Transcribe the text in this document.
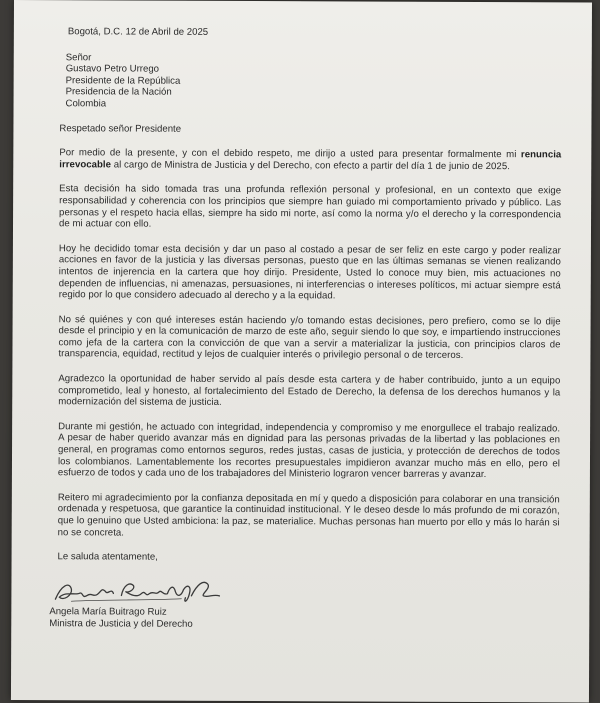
Bogotá, D.C. 12 de Abril de 2025
Señor
Gustavo Petro Urrego
Presidente de la República
Presidencia de la Nación
Colombia
Respetado señor Presidente

Por medio de la presente, y con el debido respeto, me dirijo a usted para presentar formalmente mi renuncia irrevocable al cargo de Ministra de Justicia y del Derecho, con efecto a partir del día 1 de junio de 2025.

Esta decisión ha sido tomada tras una profunda reflexión personal y profesional, en un contexto que exige responsabilidad y coherencia con los principios que siempre han guiado mi comportamiento privado y público. Las personas y el respeto hacia ellas, siempre ha sido mi norte, así como la norma y/o el derecho y la correspondencia de mi actuar con ello.

Hoy he decidido tomar esta decisión y dar un paso al costado a pesar de ser feliz en este cargo y poder realizar acciones en favor de la justicia y las diversas personas, puesto que en las últimas semanas se vienen realizando intentos de injerencia en la cartera que hoy dirijo. Presidente, Usted lo conoce muy bien, mis actuaciones no dependen de influencias, ni amenazas, persuasiones, ni interferencias o intereses políticos, mi actuar siempre está regido por lo que considero adecuado al derecho y a la equidad.

No sé quiénes y con qué intereses están haciendo y/o tomando estas decisiones, pero prefiero, como se lo dije desde el principio y en la comunicación de marzo de este año, seguir siendo lo que soy, e impartiendo instrucciones como jefa de la cartera con la convicción de que van a servir a materializar la justicia, con principios claros de transparencia, equidad, rectitud y lejos de cualquier interés o privilegio personal o de terceros.

Agradezco la oportunidad de haber servido al país desde esta cartera y de haber contribuido, junto a un equipo comprometido, leal y honesto, al fortalecimiento del Estado de Derecho, la defensa de los derechos humanos y la modernización del sistema de justicia.

Durante mi gestión, he actuado con integridad, independencia y compromiso y me enorgullece el trabajo realizado. A pesar de haber querido avanzar más en dignidad para las personas privadas de la libertad y las poblaciones en general, en programas como entornos seguros, redes justas, casas de justicia, y protección de derechos de todos los colombianos. Lamentablemente los recortes presupuestales impidieron avanzar mucho más en ello, pero el esfuerzo de todos y cada uno de los trabajadores del Ministerio lograron vencer barreras y avanzar.

Reitero mi agradecimiento por la confianza depositada en mí y quedo a disposición para colaborar en una transición ordenada y respetuosa, que garantice la continuidad institucional. Y le deseo desde lo más profundo de mi corazón, que lo genuino que Usted ambiciona: la paz, se materialice. Muchas personas han muerto por ello y más lo harán si no se concreta.

Le saluda atentamente,
Angela María Buitrago Ruiz
Ministra de Justicia y del Derecho
